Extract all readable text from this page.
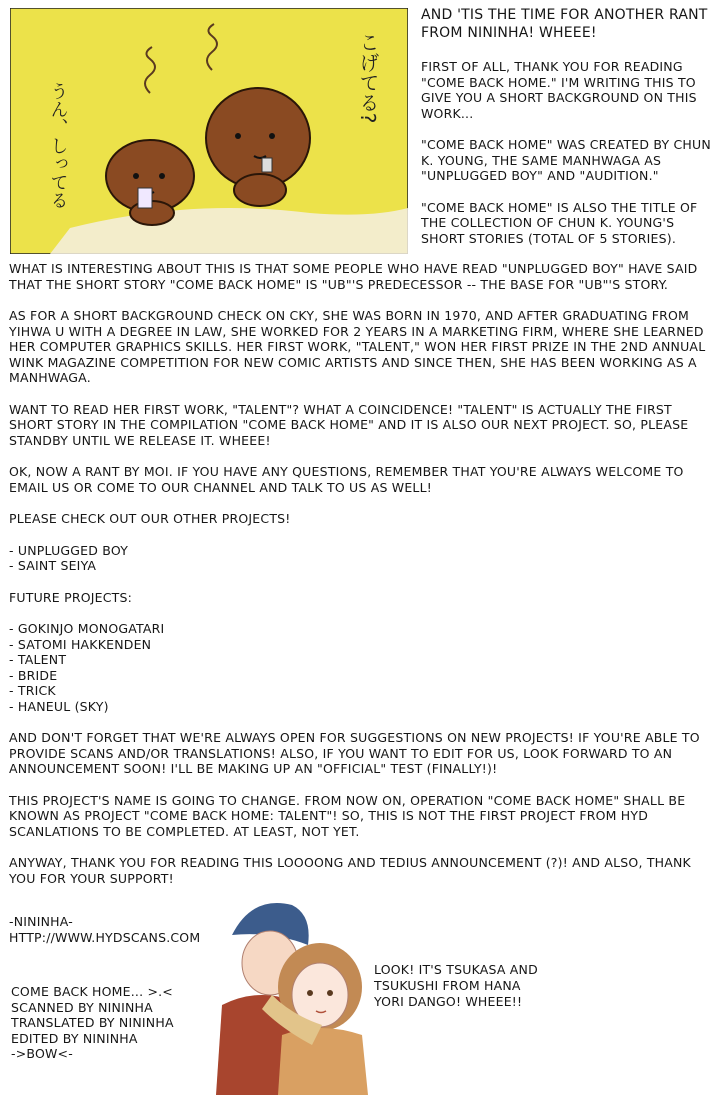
こげてる?
うん、しってる

AND 'TIS THE TIME FOR ANOTHER RANT FROM NININHA! WHEEE!

FIRST OF ALL, THANK YOU FOR READING "COME BACK HOME." I'M WRITING THIS TO GIVE YOU A SHORT BACKGROUND ON THIS WORK...

"COME BACK HOME" WAS CREATED BY CHUN K. YOUNG, THE SAME MANHWAGA AS "UNPLUGGED BOY" AND "AUDITION."

"COME BACK HOME" IS ALSO THE TITLE OF THE COLLECTION OF CHUN K. YOUNG'S SHORT STORIES (TOTAL OF 5 STORIES).

WHAT IS INTERESTING ABOUT THIS IS THAT SOME PEOPLE WHO HAVE READ "UNPLUGGED BOY" HAVE SAID THAT THE SHORT STORY "COME BACK HOME" IS "UB"'S PREDECESSOR -- THE BASE FOR "UB"'S STORY.

AS FOR A SHORT BACKGROUND CHECK ON CKY, SHE WAS BORN IN 1970, AND AFTER GRADUATING FROM YIHWA U WITH A DEGREE IN LAW, SHE WORKED FOR 2 YEARS IN A MARKETING FIRM, WHERE SHE LEARNED HER COMPUTER GRAPHICS SKILLS. HER FIRST WORK, "TALENT," WON HER FIRST PRIZE IN THE 2ND ANNUAL WINK MAGAZINE COMPETITION FOR NEW COMIC ARTISTS AND SINCE THEN, SHE HAS BEEN WORKING AS A MANHWAGA.

WANT TO READ HER FIRST WORK, "TALENT"? WHAT A COINCIDENCE! "TALENT" IS ACTUALLY THE FIRST SHORT STORY IN THE COMPILATION "COME BACK HOME" AND IT IS ALSO OUR NEXT PROJECT. SO, PLEASE STANDBY UNTIL WE RELEASE IT. WHEEE!

OK, NOW A RANT BY MOI. IF YOU HAVE ANY QUESTIONS, REMEMBER THAT YOU'RE ALWAYS WELCOME TO EMAIL US OR COME TO OUR CHANNEL AND TALK TO US AS WELL!

PLEASE CHECK OUT OUR OTHER PROJECTS!

- UNPLUGGED BOY
- SAINT SEIYA

FUTURE PROJECTS:

- GOKINJO MONOGATARI
- SATOMI HAKKENDEN
- TALENT
- BRIDE
- TRICK
- HANEUL (SKY)

AND DON'T FORGET THAT WE'RE ALWAYS OPEN FOR SUGGESTIONS ON NEW PROJECTS! IF YOU'RE ABLE TO PROVIDE SCANS AND/OR TRANSLATIONS! ALSO, IF YOU WANT TO EDIT FOR US, LOOK FORWARD TO AN ANNOUNCEMENT SOON! I'LL BE MAKING UP AN "OFFICIAL" TEST (FINALLY!)!

THIS PROJECT'S NAME IS GOING TO CHANGE. FROM NOW ON, OPERATION "COME BACK HOME" SHALL BE KNOWN AS PROJECT "COME BACK HOME: TALENT"! SO, THIS IS NOT THE FIRST PROJECT FROM HYD SCANLATIONS TO BE COMPLETED. AT LEAST, NOT YET.

ANYWAY, THANK YOU FOR READING THIS LOOOONG AND TEDIUS ANNOUNCEMENT (?)! AND ALSO, THANK YOU FOR YOUR SUPPORT!

-NININHA-
HTTP://WWW.HYDSCANS.COM
COME BACK HOME... >.<
SCANNED BY NININHA
TRANSLATED BY NININHA
EDITED BY NININHA
->BOW<-
LOOK! IT'S TSUKASA AND TSUKUSHI FROM HANA YORI DANGO! WHEEE!!
